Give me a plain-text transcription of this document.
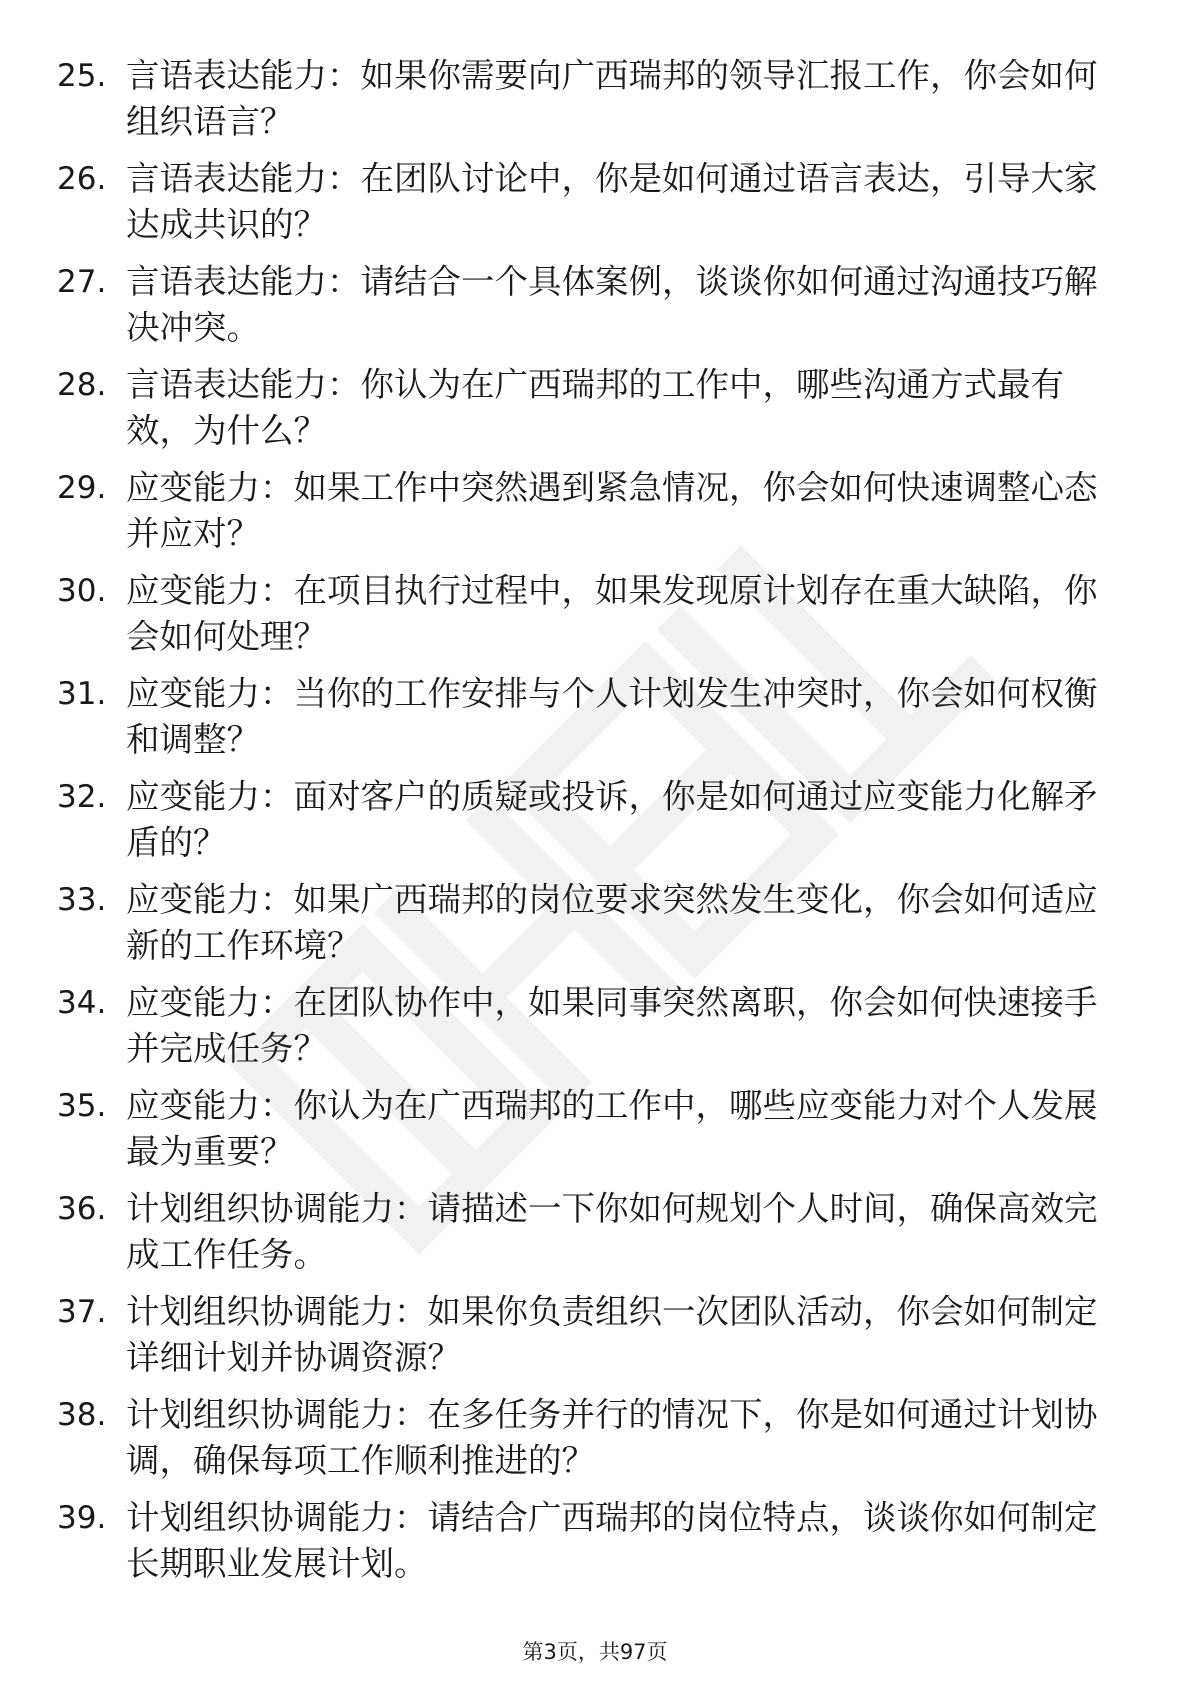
25. 言语表达能力：如果你需要向广西瑞邦的领导汇报工作，你会如何组织语言？
26. 言语表达能力：在团队讨论中，你是如何通过语言表达，引导大家达成共识的？
27. 言语表达能力：请结合一个具体案例，谈谈你如何通过沟通技巧解决冲突。
28. 言语表达能力：你认为在广西瑞邦的工作中，哪些沟通方式最有效，为什么？
29. 应变能力：如果工作中突然遇到紧急情况，你会如何快速调整心态并应对？
30. 应变能力：在项目执行过程中，如果发现原计划存在重大缺陷，你会如何处理？
31. 应变能力：当你的工作安排与个人计划发生冲突时，你会如何权衡和调整？
32. 应变能力：面对客户的质疑或投诉，你是如何通过应变能力化解矛盾的？
33. 应变能力：如果广西瑞邦的岗位要求突然发生变化，你会如何适应新的工作环境？
34. 应变能力：在团队协作中，如果同事突然离职，你会如何快速接手并完成任务？
35. 应变能力：你认为在广西瑞邦的工作中，哪些应变能力对个人发展最为重要？
36. 计划组织协调能力：请描述一下你如何规划个人时间，确保高效完成工作任务。
37. 计划组织协调能力：如果你负责组织一次团队活动，你会如何制定详细计划并协调资源？
38. 计划组织协调能力：在多任务并行的情况下，你是如何通过计划协调，确保每项工作顺利推进的？
39. 计划组织协调能力：请结合广西瑞邦的岗位特点，谈谈你如何制定长期职业发展计划。
第3页，共97页
